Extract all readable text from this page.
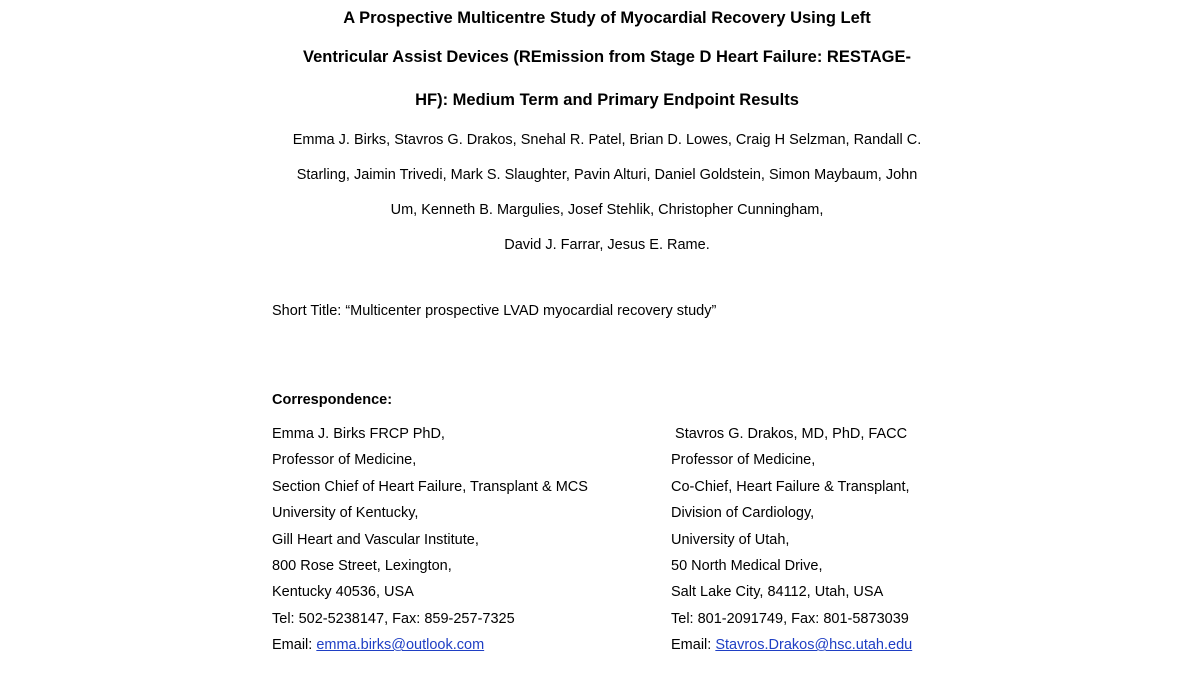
A Prospective Multicentre Study of Myocardial Recovery Using Left
Ventricular Assist Devices (REmission from Stage D Heart Failure: RESTAGE-
HF): Medium Term and Primary Endpoint Results
Emma J. Birks, Stavros G. Drakos, Snehal R. Patel, Brian D. Lowes, Craig H Selzman, Randall C.
Starling, Jaimin Trivedi, Mark S. Slaughter, Pavin Alturi, Daniel Goldstein, Simon Maybaum, John
Um, Kenneth B. Margulies, Josef Stehlik, Christopher Cunningham,
David J. Farrar, Jesus E. Rame.
Short Title: “Multicenter prospective LVAD myocardial recovery study”
Correspondence:
Emma J. Birks FRCP PhD,
Professor of Medicine,
Section Chief of Heart Failure, Transplant & MCS
University of Kentucky,
Gill Heart and Vascular Institute,
800 Rose Street, Lexington,
Kentucky 40536, USA
Tel: 502-5238147, Fax: 859-257-7325
Email: emma.birks@outlook.com
Stavros G. Drakos, MD, PhD, FACC
Professor of Medicine,
Co-Chief, Heart Failure & Transplant,
Division of Cardiology,
University of Utah,
50 North Medical Drive,
Salt Lake City, 84112, Utah, USA
Tel: 801-2091749, Fax: 801-5873039
Email: Stavros.Drakos@hsc.utah.edu
